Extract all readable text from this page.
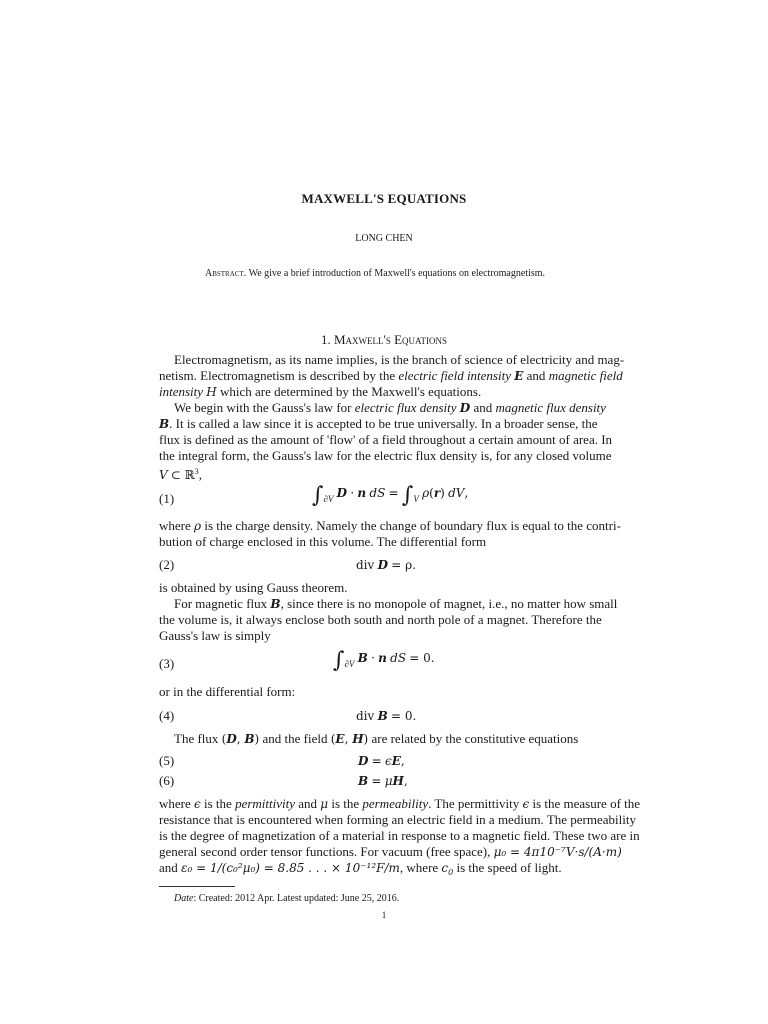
MAXWELL'S EQUATIONS
LONG CHEN
Abstract. We give a brief introduction of Maxwell's equations on electromagnetism.
1. Maxwell's Equations
Electromagnetism, as its name implies, is the branch of science of electricity and mag-
netism. Electromagnetism is described by the electric field intensity E and magnetic field
intensity H which are determined by the Maxwell's equations.
We begin with the Gauss's law for electric flux density D and magnetic flux density
B. It is called a law since it is accepted to be true universally. In a broader sense, the
flux is defined as the amount of 'flow' of a field throughout a certain amount of area. In
the integral form, the Gauss's law for the electric flux density is, for any closed volume
V ⊂ ℝ$^3$,
(1)	$\int_{\partial V}$ D · n dS = $\int_V$ ρ(r) dV,
where ρ is the charge density. Namely the change of boundary flux is equal to the contri-
bution of charge enclosed in this volume. The differential form
(2)	div D = ρ.
is obtained by using Gauss theorem.
For magnetic flux B, since there is no monopole of magnet, i.e., no matter how small
the volume is, it always enclose both south and north pole of a magnet. Therefore the
Gauss's law is simply
(3)	$\int_{\partial V}$ B · n dS = 0.
or in the differential form:
(4)	div B = 0.
The flux (D, B) and the field (E, H) are related by the constitutive equations
(5)	D = ϵE,
(6)	B = μH,
where ϵ is the permittivity and μ is the permeability. The permittivity ϵ is the measure of the
resistance that is encountered when forming an electric field in a medium. The permeability
is the degree of magnetization of a material in response to a magnetic field. These two are in
general second order tensor functions. For vacuum (free space), μ₀ = 4π10⁻⁷V·s/(A·m)
and ε₀ = 1/(c₀²μ₀) = 8.85 . . . × 10⁻¹²F/m, where $c_0$ is the speed of light.
Date: Created: 2012 Apr. Latest updated: June 25, 2016.
1
